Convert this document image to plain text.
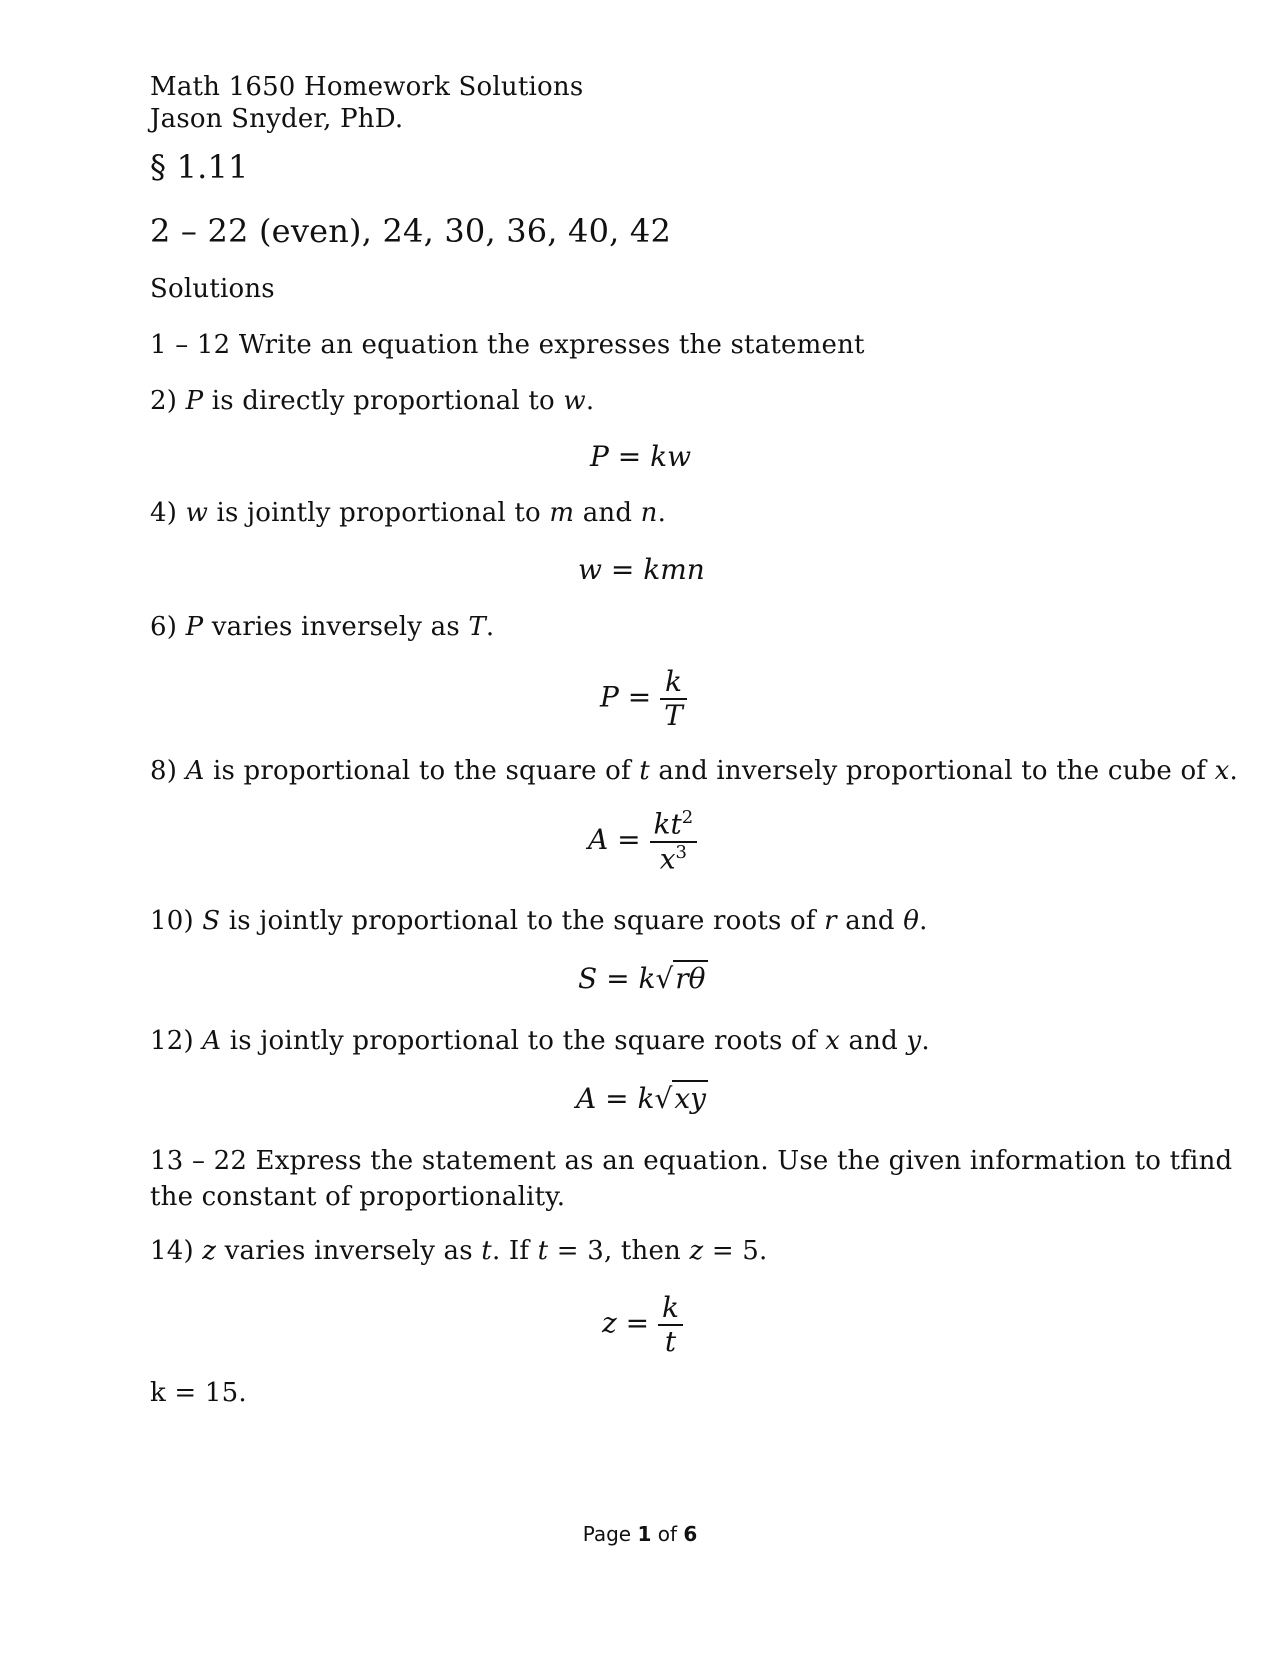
Math 1650 Homework Solutions
Jason Snyder, PhD.
§ 1.11
2 – 22 (even), 24, 30, 36, 40, 42
Solutions
1 – 12 Write an equation the expresses the statement
2) P is directly proportional to w.
P = kw
4) w is jointly proportional to m and n.
w = kmn
6) P varies inversely as T.
$P = \frac{k}{T}$
8) A is proportional to the square of t and inversely proportional to the cube of x.
$A = \frac{kt^2}{x^3}$
10) S is jointly proportional to the square roots of r and θ.
S = k√rθ
12) A is jointly proportional to the square roots of x and y.
A = k√xy
13 – 22 Express the statement as an equation. Use the given information to tfind
the constant of proportionality.
14) z varies inversely as t. If t = 3, then z = 5.
$z = \frac{k}{t}$
k = 15.
Page 1 of 6
